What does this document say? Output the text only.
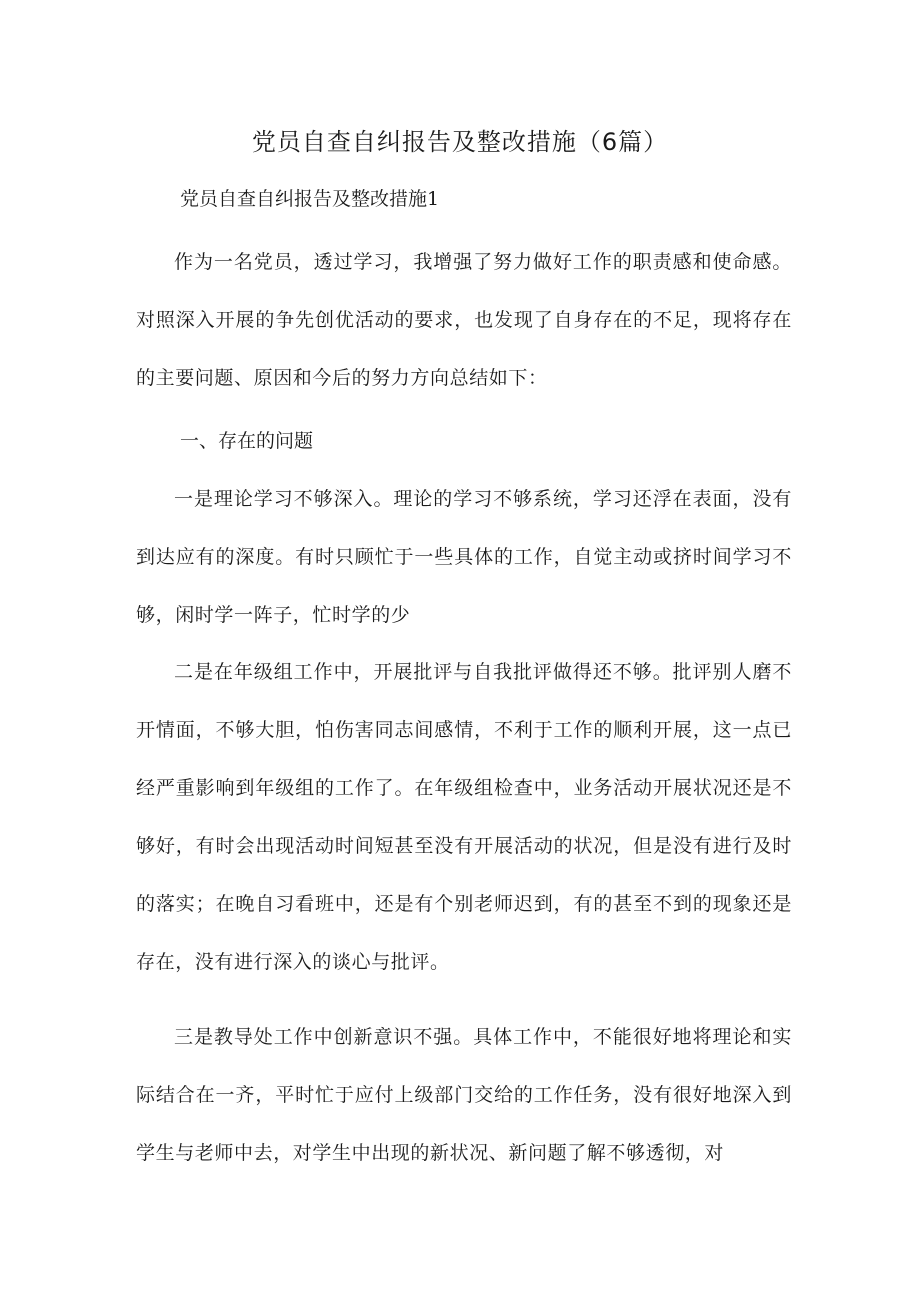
党员自查自纠报告及整改措施（6篇）
党员自查自纠报告及整改措施1

作为一名党员，透过学习，我增强了努力做好工作的职责感和使命感。对照深入开展的争先创优活动的要求，也发现了自身存在的不足，现将存在的主要问题、原因和今后的努力方向总结如下：

一、存在的问题

一是理论学习不够深入。理论的学习不够系统，学习还浮在表面，没有到达应有的深度。有时只顾忙于一些具体的工作，自觉主动或挤时间学习不够，闲时学一阵子，忙时学的少

二是在年级组工作中，开展批评与自我批评做得还不够。批评别人磨不开情面，不够大胆，怕伤害同志间感情，不利于工作的顺利开展，这一点已经严重影响到年级组的工作了。在年级组检查中，业务活动开展状况还是不够好，有时会出现活动时间短甚至没有开展活动的状况，但是没有进行及时的落实；在晚自习看班中，还是有个别老师迟到，有的甚至不到的现象还是存在，没有进行深入的谈心与批评。

三是教导处工作中创新意识不强。具体工作中，不能很好地将理论和实际结合在一齐，平时忙于应付上级部门交给的工作任务，没有很好地深入到学生与老师中去，对学生中出现的新状况、新问题了解不够透彻，对
